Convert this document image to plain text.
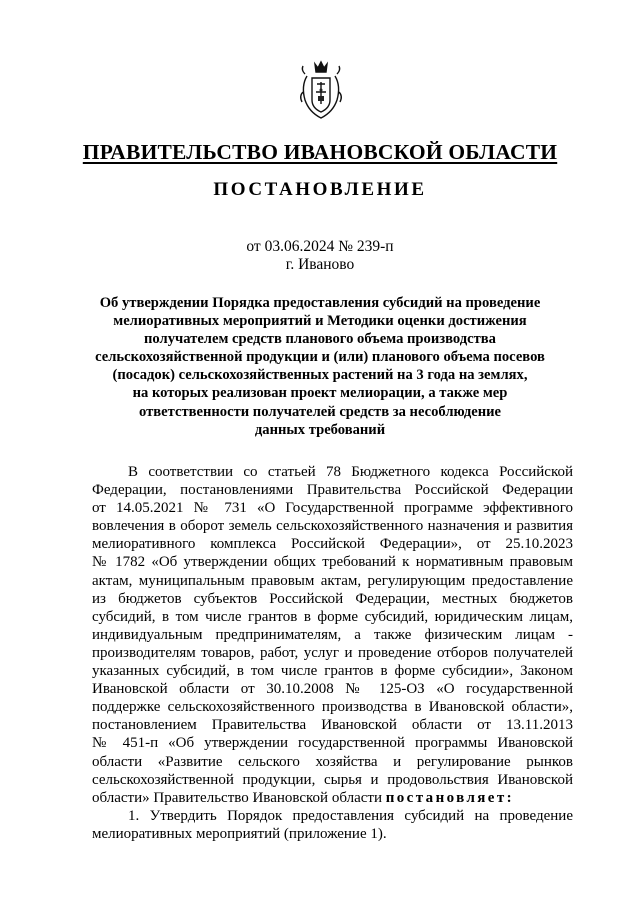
ПРАВИТЕЛЬСТВО ИВАНОВСКОЙ ОБЛАСТИ
ПОСТАНОВЛЕНИЕ
от 03.06.2024 № 239-п
г. Иваново
Об утверждении Порядка предоставления субсидий на проведение
мелиоративных мероприятий и Методики оценки достижения
получателем средств планового объема производства
сельскохозяйственной продукции и (или) планового объема посевов
(посадок) сельскохозяйственных растений на 3 года на землях,
на которых реализован проект мелиорации, а также мер
ответственности получателей средств за несоблюдение
данных требований
В соответствии со статьей 78 Бюджетного кодекса Российской
Федерации, постановлениями Правительства Российской Федерации
от 14.05.2021 № 731 «О Государственной программе эффективного
вовлечения в оборот земель сельскохозяйственного назначения и развития
мелиоративного комплекса Российской Федерации», от 25.10.2023
№ 1782 «Об утверждении общих требований к нормативным правовым
актам, муниципальным правовым актам, регулирующим предоставление
из бюджетов субъектов Российской Федерации, местных бюджетов
субсидий, в том числе грантов в форме субсидий, юридическим лицам,
индивидуальным предпринимателям, а также физическим лицам -
производителям товаров, работ, услуг и проведение отборов получателей
указанных субсидий, в том числе грантов в форме субсидии», Законом
Ивановской области от 30.10.2008 № 125-ОЗ «О государственной
поддержке сельскохозяйственного производства в Ивановской области»,
постановлением Правительства Ивановской области от 13.11.2013
№ 451-п «Об утверждении государственной программы Ивановской
области «Развитие сельского хозяйства и регулирование рынков
сельскохозяйственной продукции, сырья и продовольствия Ивановской
области» Правительство Ивановской области постановляет:
1. Утвердить Порядок предоставления субсидий на проведение
мелиоративных мероприятий (приложение 1).
